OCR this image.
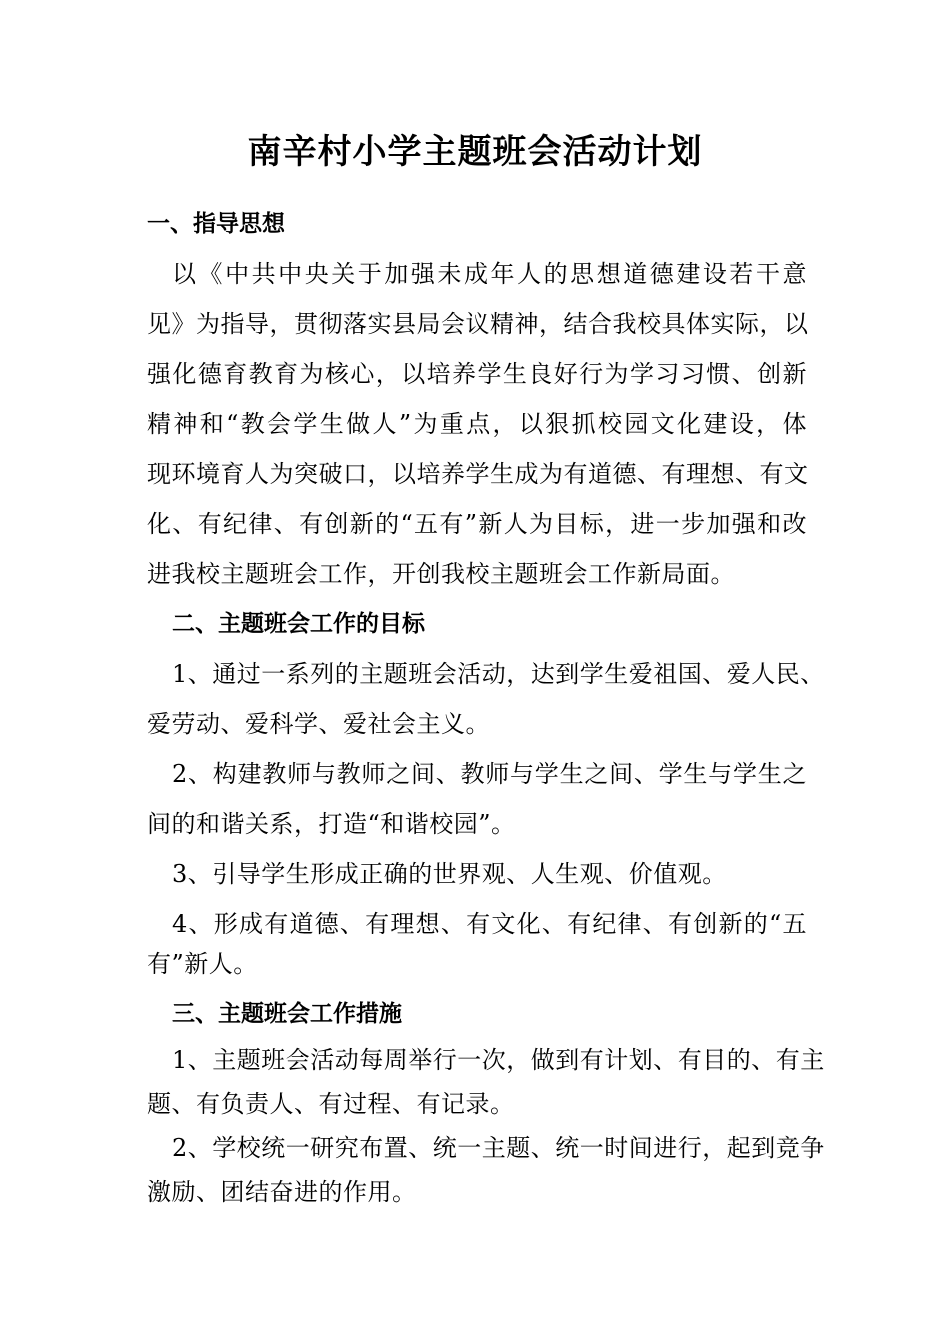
南辛村小学主题班会活动计划
一、指导思想
以《中共中央关于加强未成年人的思想道德建设若干意
见》为指导，贯彻落实县局会议精神，结合我校具体实际，以
强化德育教育为核心，以培养学生良好行为学习习惯、创新
精神和“教会学生做人”为重点，以狠抓校园文化建设，体
现环境育人为突破口，以培养学生成为有道德、有理想、有文
化、有纪律、有创新的“五有”新人为目标，进一步加强和改
进我校主题班会工作，开创我校主题班会工作新局面。
二、主题班会工作的目标
1、通过一系列的主题班会活动，达到学生爱祖国、爱人民、
爱劳动、爱科学、爱社会主义。
2、构建教师与教师之间、教师与学生之间、学生与学生之
间的和谐关系，打造“和谐校园”。
3、引导学生形成正确的世界观、人生观、价值观。
4、形成有道德、有理想、有文化、有纪律、有创新的“五
有”新人。
三、主题班会工作措施
1、主题班会活动每周举行一次，做到有计划、有目的、有主
题、有负责人、有过程、有记录。
2、学校统一研究布置、统一主题、统一时间进行，起到竞争
激励、团结奋进的作用。
